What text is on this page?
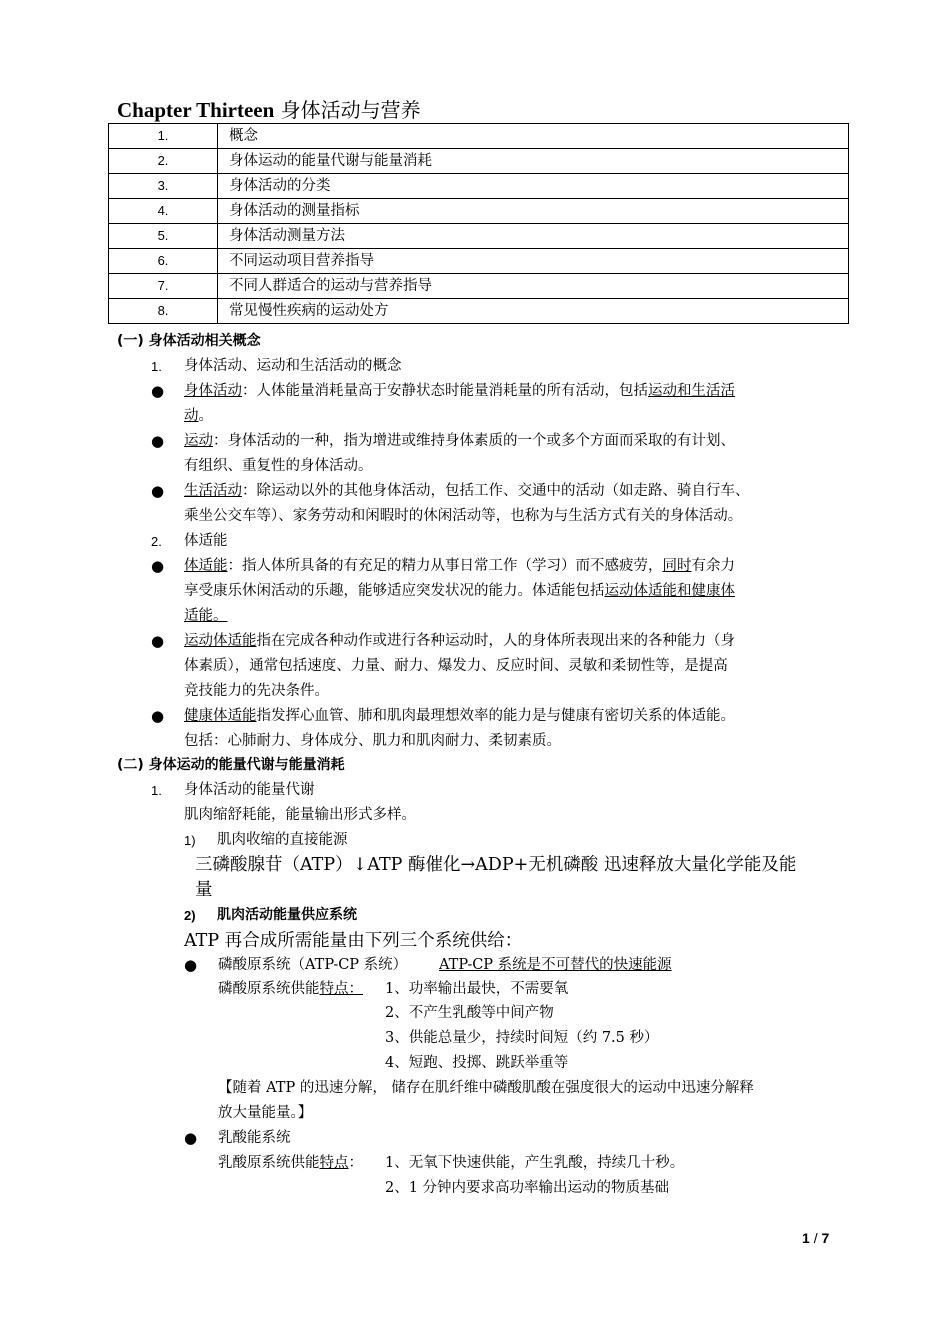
Chapter Thirteen 身体活动与营养
1.	概念
2.	身体运动的能量代谢与能量消耗
3.	身体活动的分类
4.	身体活动的测量指标
5.	身体活动测量方法
6.	不同运动项目营养指导
7.	不同人群适合的运动与营养指导
8.	常见慢性疾病的运动处方
(一) 身体活动相关概念
1. 身体活动、运动和生活活动的概念
● 身体活动：人体能量消耗量高于安静状态时能量消耗量的所有活动，包括运动和生活活
动。
● 运动：身体活动的一种，指为增进或维持身体素质的一个或多个方面而采取的有计划、
有组织、重复性的身体活动。
● 生活活动：除运动以外的其他身体活动，包括工作、交通中的活动（如走路、骑自行车、
乘坐公交车等）、家务劳动和闲暇时的休闲活动等，也称为与生活方式有关的身体活动。
2. 体适能
● 体适能：指人体所具备的有充足的精力从事日常工作（学习）而不感疲劳，同时有余力
享受康乐休闲活动的乐趣，能够适应突发状况的能力。体适能包括运动体适能和健康体
适能。
● 运动体适能指在完成各种动作或进行各种运动时，人的身体所表现出来的各种能力（身
体素质），通常包括速度、力量、耐力、爆发力、反应时间、灵敏和柔韧性等，是提高
竞技能力的先决条件。
● 健康体适能指发挥心血管、肺和肌肉最理想效率的能力是与健康有密切关系的体适能。
包括：心肺耐力、身体成分、肌力和肌肉耐力、柔韧素质。
(二) 身体运动的能量代谢与能量消耗
1. 身体活动的能量代谢
肌肉缩舒耗能，能量输出形式多样。
1) 肌肉收缩的直接能源
三磷酸腺苷（ATP）↓ATP 酶催化→ADP+无机磷酸 迅速释放大量化学能及能
量
2) 肌肉活动能量供应系统
ATP 再合成所需能量由下列三个系统供给：
● 磷酸原系统（ATP-CP 系统） ATP-CP 系统是不可替代的快速能源
磷酸原系统供能特点： 1、功率输出最快，不需要氧
2、不产生乳酸等中间产物
3、供能总量少，持续时间短（约 7.5 秒）
4、短跑、投掷、跳跃举重等
【随着 ATP 的迅速分解， 储存在肌纤维中磷酸肌酸在强度很大的运动中迅速分解释
放大量能量。】
● 乳酸能系统
乳酸原系统供能特点： 1、无氧下快速供能，产生乳酸，持续几十秒。
2、1 分钟内要求高功率输出运动的物质基础
1 / 7
